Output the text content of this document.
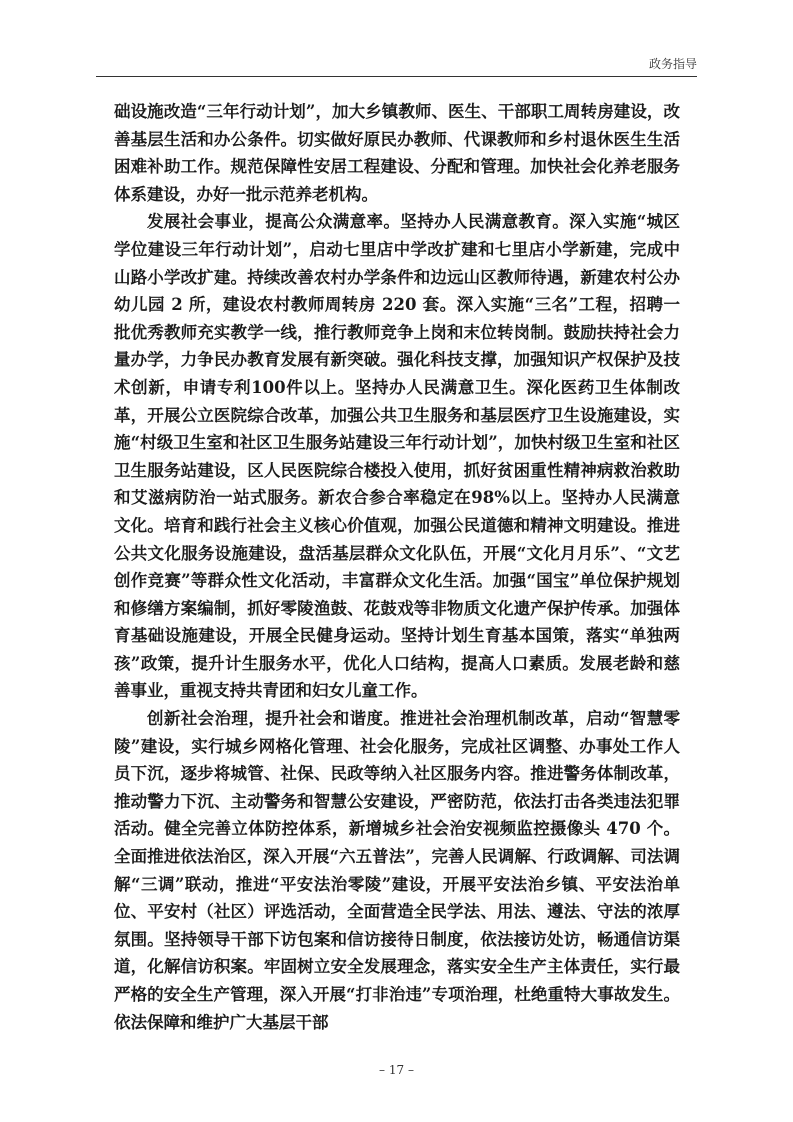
政务指导

础设施改造“三年行动计划”，加大乡镇教师、医生、干部职工周转房建设，改善基层生活和办公条件。切实做好原民办教师、代课教师和乡村退休医生生活困难补助工作。规范保障性安居工程建设、分配和管理。加快社会化养老服务体系建设，办好一批示范养老机构。

发展社会事业，提高公众满意率。坚持办人民满意教育。深入实施“城区学位建设三年行动计划”，启动七里店中学改扩建和七里店小学新建，完成中山路小学改扩建。持续改善农村办学条件和边远山区教师待遇，新建农村公办幼儿园 2 所，建设农村教师周转房 220 套。深入实施“三名”工程，招聘一批优秀教师充实教学一线，推行教师竞争上岗和末位转岗制。鼓励扶持社会力量办学，力争民办教育发展有新突破。强化科技支撑，加强知识产权保护及技术创新，申请专利100件以上。坚持办人民满意卫生。深化医药卫生体制改革，开展公立医院综合改革，加强公共卫生服务和基层医疗卫生设施建设，实施“村级卫生室和社区卫生服务站建设三年行动计划”，加快村级卫生室和社区卫生服务站建设，区人民医院综合楼投入使用，抓好贫困重性精神病救治救助和艾滋病防治一站式服务。新农合参合率稳定在98%以上。坚持办人民满意文化。培育和践行社会主义核心价值观，加强公民道德和精神文明建设。推进公共文化服务设施建设，盘活基层群众文化队伍，开展“文化月月乐”、“文艺创作竞赛”等群众性文化活动，丰富群众文化生活。加强“国宝”单位保护规划和修缮方案编制，抓好零陵渔鼓、花鼓戏等非物质文化遗产保护传承。加强体育基础设施建设，开展全民健身运动。坚持计划生育基本国策，落实“单独两孩”政策，提升计生服务水平，优化人口结构，提高人口素质。发展老龄和慈善事业，重视支持共青团和妇女儿童工作。

创新社会治理，提升社会和谐度。推进社会治理机制改革，启动“智慧零陵”建设，实行城乡网格化管理、社会化服务，完成社区调整、办事处工作人员下沉，逐步将城管、社保、民政等纳入社区服务内容。推进警务体制改革，推动警力下沉、主动警务和智慧公安建设，严密防范，依法打击各类违法犯罪活动。健全完善立体防控体系，新增城乡社会治安视频监控摄像头 470 个。全面推进依法治区，深入开展“六五普法”，完善人民调解、行政调解、司法调解“三调”联动，推进“平安法治零陵”建设，开展平安法治乡镇、平安法治单位、平安村（社区）评选活动，全面营造全民学法、用法、遵法、守法的浓厚氛围。坚持领导干部下访包案和信访接待日制度，依法接访处访，畅通信访渠道，化解信访积案。牢固树立安全发展理念，落实安全生产主体责任，实行最严格的安全生产管理，深入开展“打非治违”专项治理，杜绝重特大事故发生。依法保障和维护广大基层干部

– 17 –
